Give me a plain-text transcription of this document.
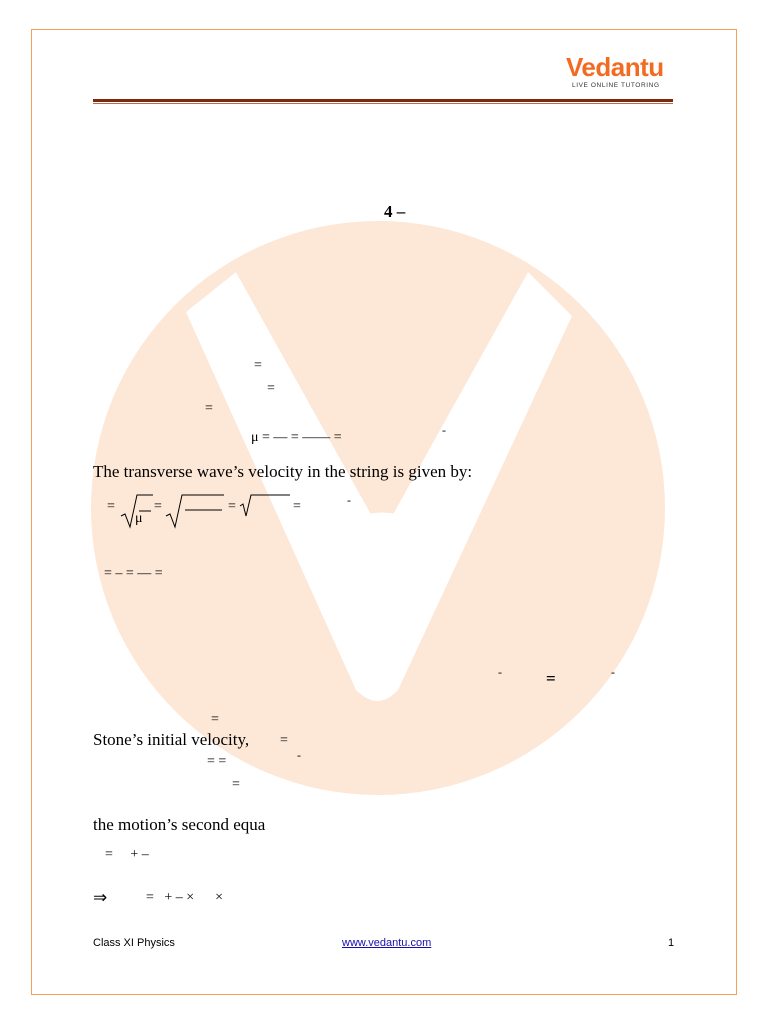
Vedantu
LIVE ONLINE TUTORING
4 –
=
=
=
μ = — = —— =	-
The transverse wave’s velocity in the string is given by:
=
μ
=	=	=	-
= – = — =
-	=	-
=
Stone’s initial velocity, =
-
= =
=
the motion’s second equa
=     + –
⇒	=   + – ×      ×
Class XI Physics	www.vedantu.com	1
